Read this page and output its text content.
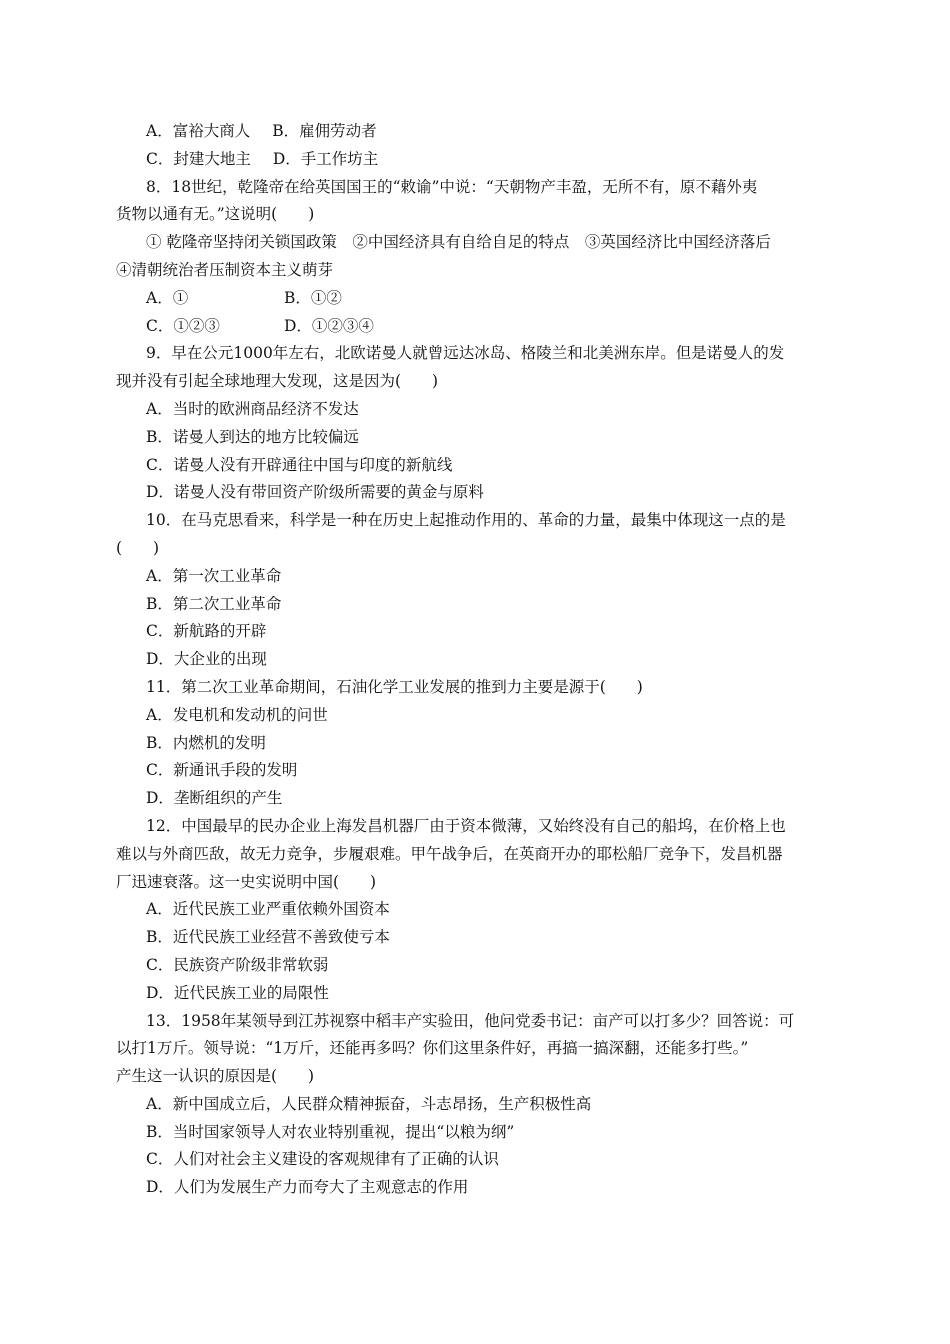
A．富裕大商人 B．雇佣劳动者

C．封建大地主 D．手工作坊主

8．18世纪，乾隆帝在给英国国王的“敕谕”中说：“天朝物产丰盈，无所不有，原不藉外夷

货物以通有无。”这说明(　　)

① 乾隆帝坚持闭关锁国政策　②中国经济具有自给自足的特点　③英国经济比中国经济落后

④清朝统治者压制资本主义萌芽

A．①	B．①②

C．①②③	D．①②③④

9．早在公元1000年左右，北欧诺曼人就曾远达冰岛、格陵兰和北美洲东岸。但是诺曼人的发

现并没有引起全球地理大发现，这是因为(　　)

A．当时的欧洲商品经济不发达

B．诺曼人到达的地方比较偏远

C．诺曼人没有开辟通往中国与印度的新航线

D．诺曼人没有带回资产阶级所需要的黄金与原料

10．在马克思看来，科学是一种在历史上起推动作用的、革命的力量，最集中体现这一点的是

(　　)

A．第一次工业革命

B．第二次工业革命

C．新航路的开辟

D．大企业的出现

11．第二次工业革命期间，石油化学工业发展的推到力主要是源于(　　)

A．发电机和发动机的问世

B．内燃机的发明

C．新通讯手段的发明

D．垄断组织的产生

12．中国最早的民办企业上海发昌机器厂由于资本微薄，又始终没有自己的船坞，在价格上也

难以与外商匹敌，故无力竞争，步履艰难。甲午战争后，在英商开办的耶松船厂竞争下，发昌机器

厂迅速衰落。这一史实说明中国(　　)

A．近代民族工业严重依赖外国资本

B．近代民族工业经营不善致使亏本

C．民族资产阶级非常软弱

D．近代民族工业的局限性

13．1958年某领导到江苏视察中稻丰产实验田，他问党委书记：亩产可以打多少？回答说：可

以打1万斤。领导说：“1万斤，还能再多吗？你们这里条件好，再搞一搞深翻，还能多打些。”

产生这一认识的原因是(　　)

A．新中国成立后，人民群众精神振奋，斗志昂扬，生产积极性高

B．当时国家领导人对农业特别重视，提出“以粮为纲”

C．人们对社会主义建设的客观规律有了正确的认识

D．人们为发展生产力而夸大了主观意志的作用
